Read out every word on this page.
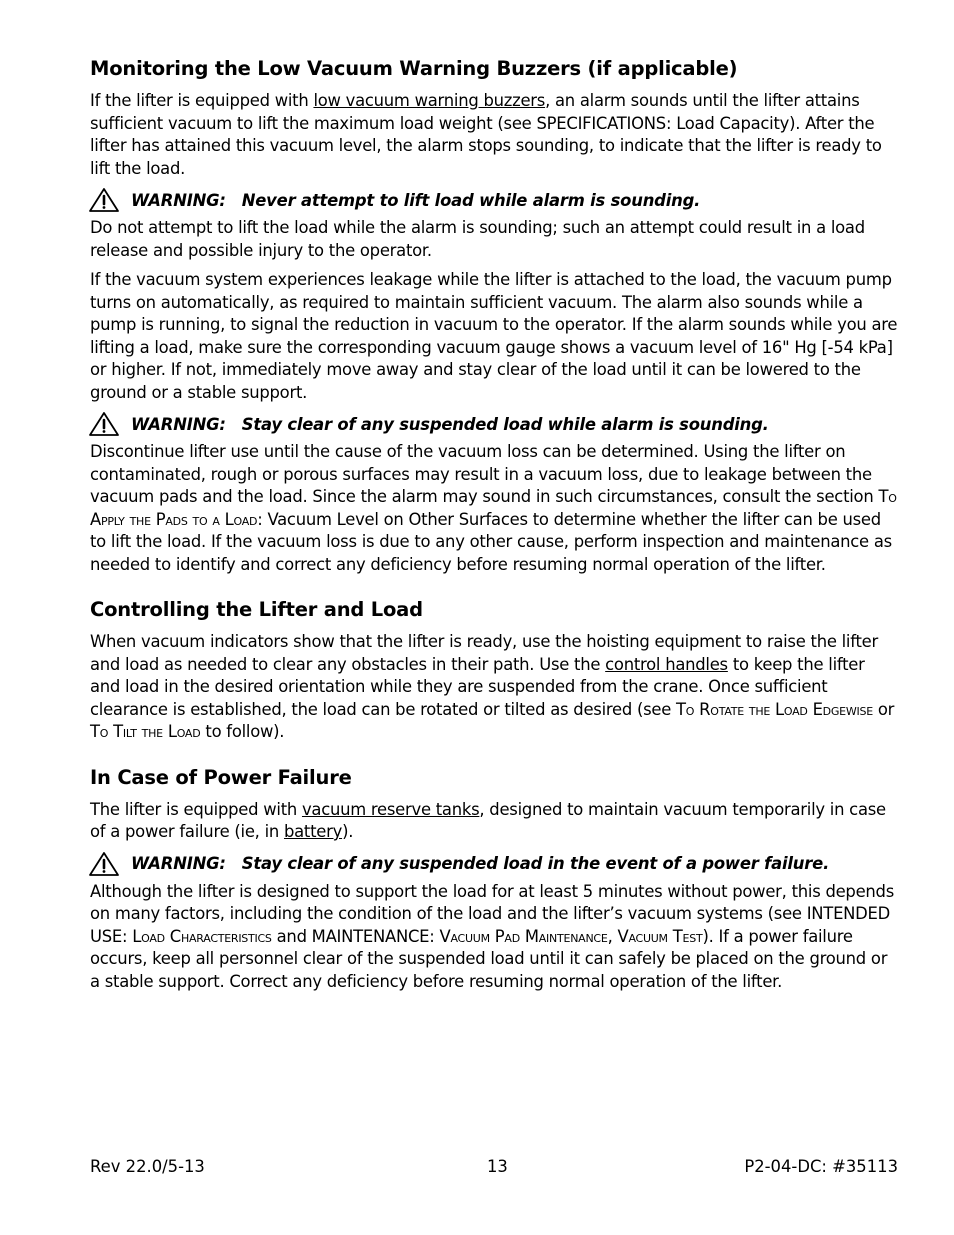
Monitoring the Low Vacuum Warning Buzzers (if applicable)

If the lifter is equipped with low vacuum warning buzzers, an alarm sounds until the lifter attains sufficient vacuum to lift the maximum load weight (see SPECIFICATIONS: Load Capacity). After the lifter has attained this vacuum level, the alarm stops sounding, to indicate that the lifter is ready to lift the load.

WARNING: Never attempt to lift load while alarm is sounding.

Do not attempt to lift the load while the alarm is sounding; such an attempt could result in a load release and possible injury to the operator.

If the vacuum system experiences leakage while the lifter is attached to the load, the vacuum pump turns on automatically, as required to maintain sufficient vacuum. The alarm also sounds while a pump is running, to signal the reduction in vacuum to the operator. If the alarm sounds while you are lifting a load, make sure the corresponding vacuum gauge shows a vacuum level of 16" Hg [-54 kPa] or higher. If not, immediately move away and stay clear of the load until it can be lowered to the ground or a stable support.

WARNING: Stay clear of any suspended load while alarm is sounding.

Discontinue lifter use until the cause of the vacuum loss can be determined. Using the lifter on contaminated, rough or porous surfaces may result in a vacuum loss, due to leakage between the vacuum pads and the load. Since the alarm may sound in such circumstances, consult the section To Apply the Pads to a Load: Vacuum Level on Other Surfaces to determine whether the lifter can be used to lift the load. If the vacuum loss is due to any other cause, perform inspection and maintenance as needed to identify and correct any deficiency before resuming normal operation of the lifter.

Controlling the Lifter and Load

When vacuum indicators show that the lifter is ready, use the hoisting equipment to raise the lifter and load as needed to clear any obstacles in their path. Use the control handles to keep the lifter and load in the desired orientation while they are suspended from the crane. Once sufficient clearance is established, the load can be rotated or tilted as desired (see To Rotate the Load Edgewise or To Tilt the Load to follow).

In Case of Power Failure

The lifter is equipped with vacuum reserve tanks, designed to maintain vacuum temporarily in case of a power failure (ie, in battery).

WARNING: Stay clear of any suspended load in the event of a power failure.

Although the lifter is designed to support the load for at least 5 minutes without power, this depends on many factors, including the condition of the load and the lifter’s vacuum systems (see INTENDED USE: Load Characteristics and MAINTENANCE: Vacuum Pad Maintenance, Vacuum Test). If a power failure occurs, keep all personnel clear of the suspended load until it can safely be placed on the ground or a stable support. Correct any deficiency before resuming normal operation of the lifter.

Rev 22.0/5-13	13	P2-04-DC: #35113
